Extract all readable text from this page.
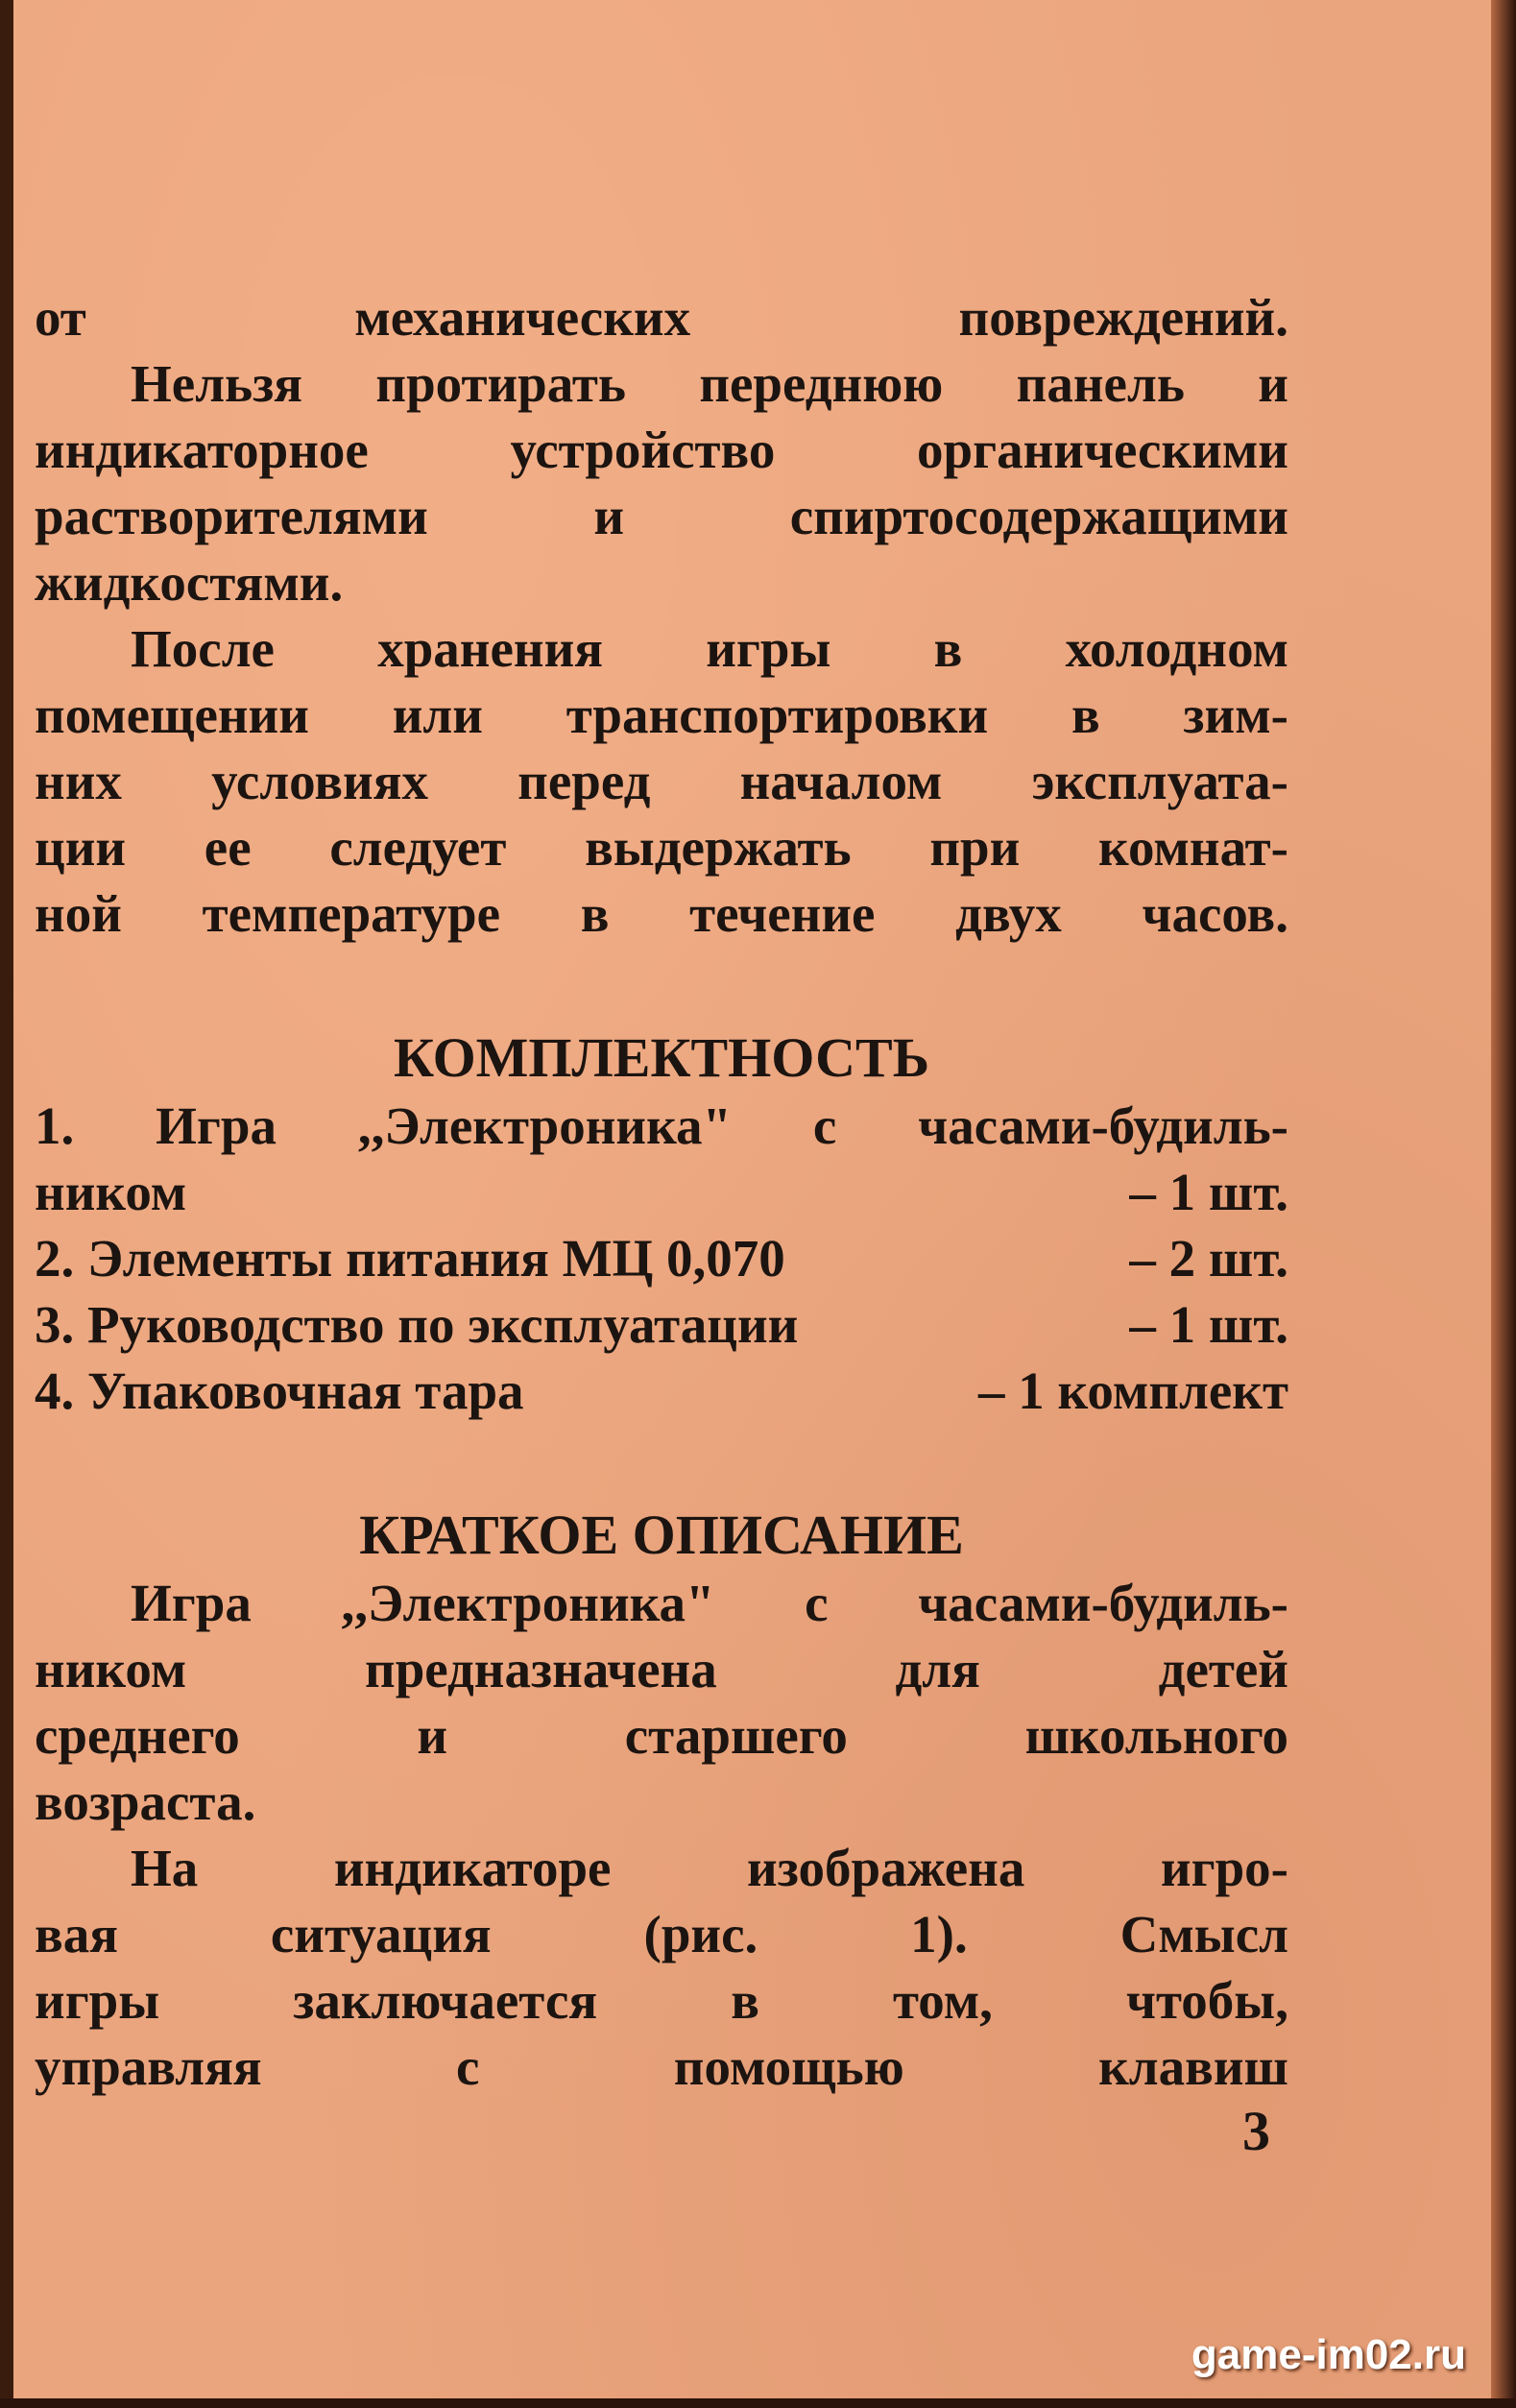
от механических повреждений.

Нельзя протирать переднюю панель и

индикаторное устройство органическими

растворителями и спиртосодержащими

жидкостями.

После хранения игры в холодном

помещении или транспортировки в зим-

них условиях перед началом эксплуата-

ции ее следует выдержать при комнат-

ной температуре в течение двух часов.

КОМПЛЕКТНОСТЬ

1. Игра ,,Электроника" с часами-будиль-

ником	– 1 шт.
2. Элементы питания МЦ 0,070	– 2 шт.
3. Руководство по эксплуатации	– 1 шт.
4. Упаковочная тара	– 1 комплект
КРАТКОЕ ОПИСАНИЕ

Игра ,,Электроника" с часами-будиль-

ником предназначена для детей

среднего и старшего школьного

возраста.

На индикаторе изображена игро-

вая ситуация (рис. 1). Смысл

игры заключается в том, чтобы,

управляя с помощью клавиш

3
game-im02.ru
